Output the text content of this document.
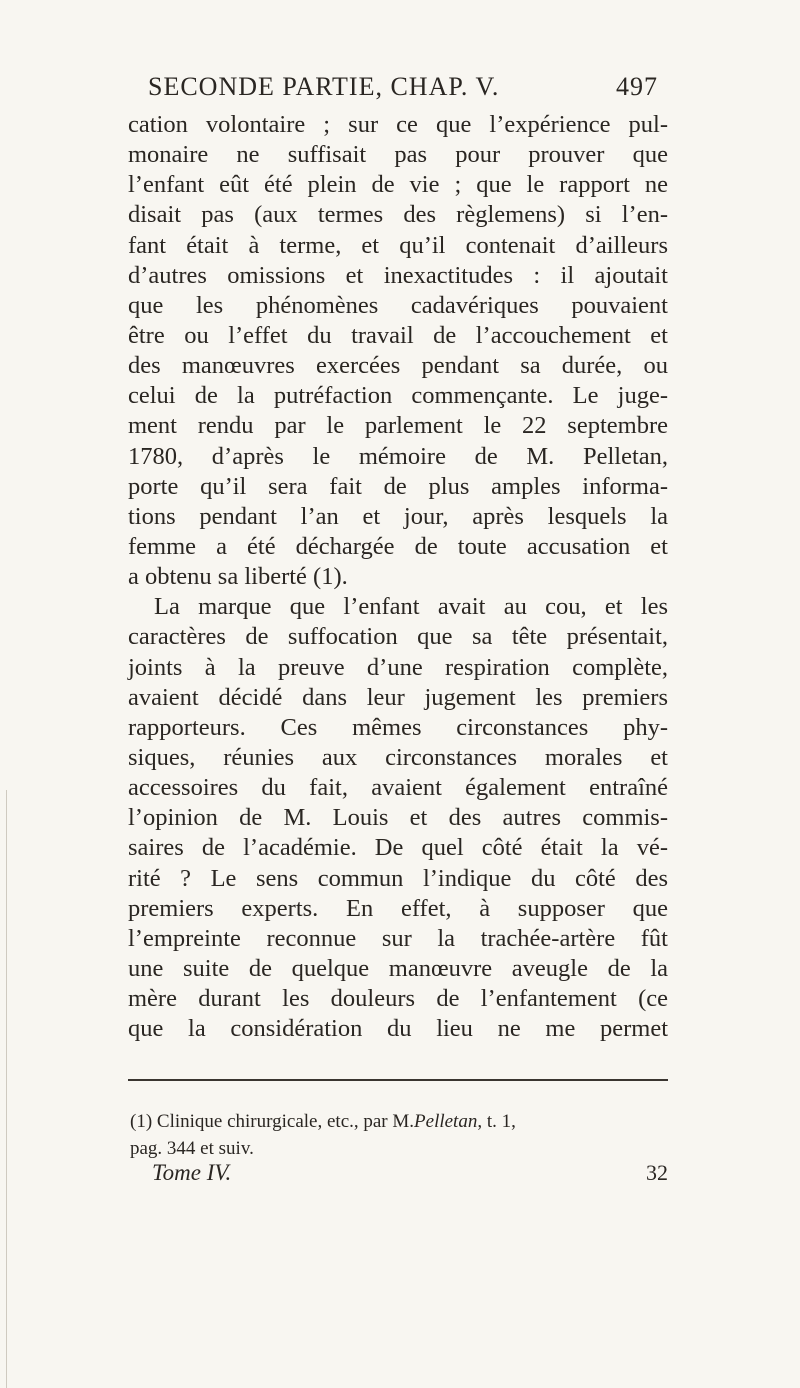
SECONDE PARTIE, CHAP. V.	497
cation volontaire ; sur ce que l’expérience pul-
monaire ne suffisait pas pour prouver que
l’enfant eût été plein de vie ; que le rapport ne
disait pas (aux termes des règlemens) si l’en-
fant était à terme, et qu’il contenait d’ailleurs
d’autres omissions et inexactitudes : il ajoutait
que les phénomènes cadavériques pouvaient
être ou l’effet du travail de l’accouchement et
des manœuvres exercées pendant sa durée, ou
celui de la putréfaction commençante. Le juge-
ment rendu par le parlement le 22 septembre
1780, d’après le mémoire de M. Pelletan,
porte qu’il sera fait de plus amples informa-
tions pendant l’an et jour, après lesquels la
femme a été déchargée de toute accusation et
a obtenu sa liberté (1).
La marque que l’enfant avait au cou, et les
caractères de suffocation que sa tête présentait,
joints à la preuve d’une respiration complète,
avaient décidé dans leur jugement les premiers
rapporteurs. Ces mêmes circonstances phy-
siques, réunies aux circonstances morales et
accessoires du fait, avaient également entraîné
l’opinion de M. Louis et des autres commis-
saires de l’académie. De quel côté était la vé-
rité ? Le sens commun l’indique du côté des
premiers experts. En effet, à supposer que
l’empreinte reconnue sur la trachée-artère fût
une suite de quelque manœuvre aveugle de la
mère durant les douleurs de l’enfantement (ce
que la considération du lieu ne me permet
(1) Clinique chirurgicale, etc., par M.Pelletan, t. 1,
pag. 344 et suiv.
Tome IV.	32
